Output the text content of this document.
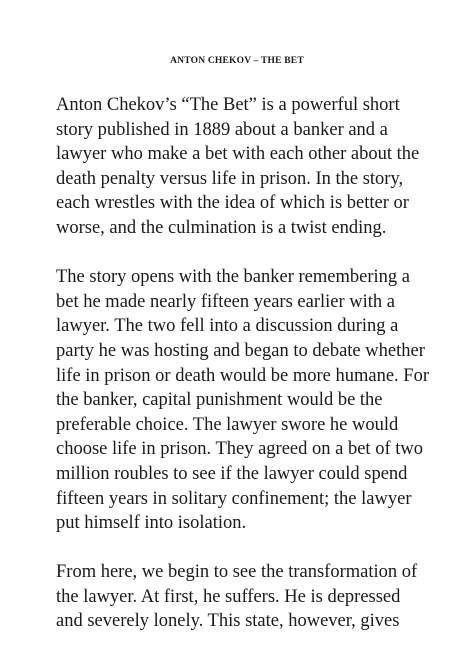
ANTON CHEKOV – THE BET
Anton Chekov’s “The Bet” is a powerful short
story published in 1889 about a banker and a
lawyer who make a bet with each other about the
death penalty versus life in prison. In the story,
each wrestles with the idea of which is better or
worse, and the culmination is a twist ending.
The story opens with the banker remembering a
bet he made nearly fifteen years earlier with a
lawyer. The two fell into a discussion during a
party he was hosting and began to debate whether
life in prison or death would be more humane. For
the banker, capital punishment would be the
preferable choice. The lawyer swore he would
choose life in prison. They agreed on a bet of two
million roubles to see if the lawyer could spend
fifteen years in solitary confinement; the lawyer
put himself into isolation.
From here, we begin to see the transformation of
the lawyer. At first, he suffers. He is depressed
and severely lonely. This state, however, gives
